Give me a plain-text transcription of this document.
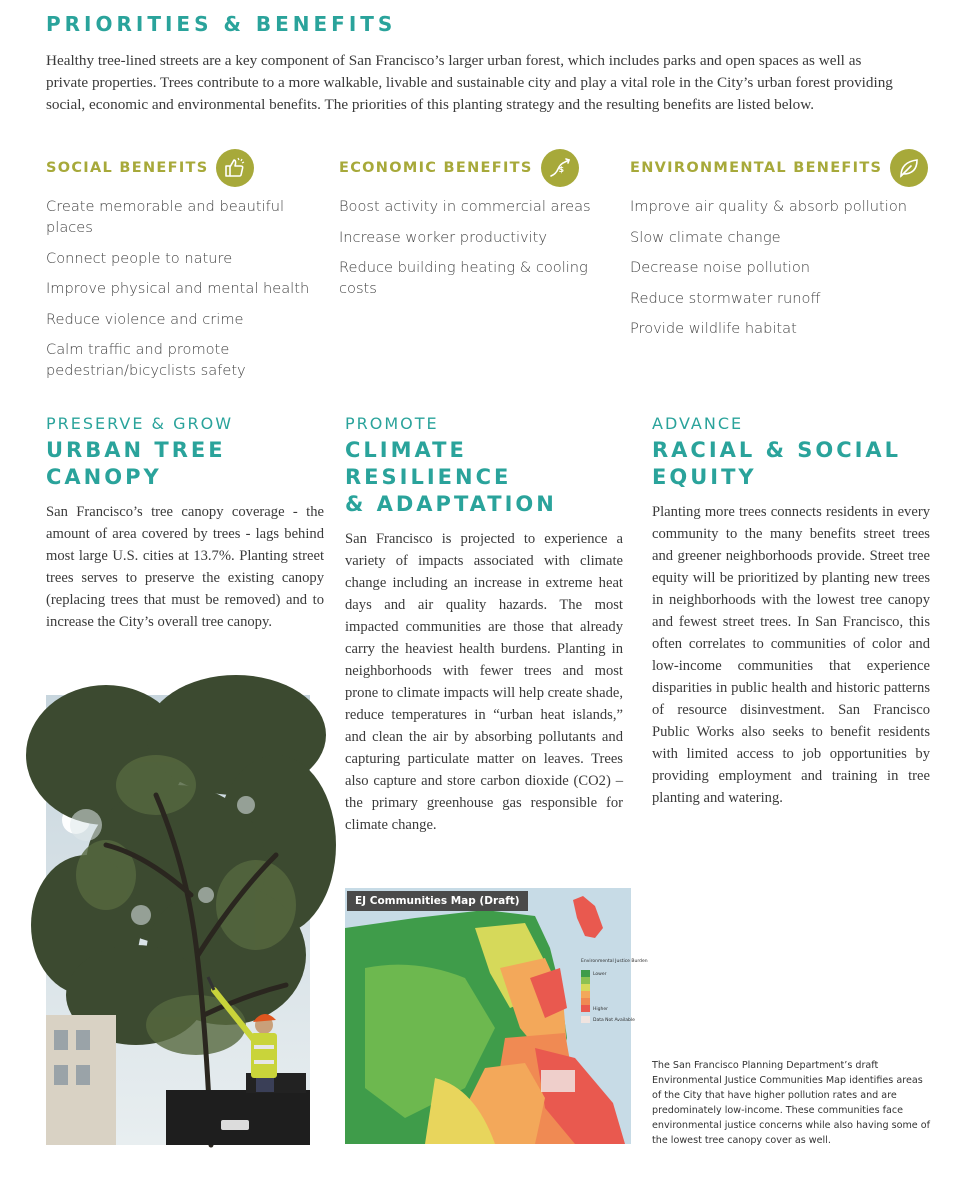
PRIORITIES & BENEFITS

Healthy tree-lined streets are a key component of San Francisco’s larger urban forest, which includes parks and open spaces as well as private properties. Trees contribute to a more walkable, livable and sustainable city and play a vital role in the City’s urban forest providing social, economic and environmental benefits. The priorities of this planting strategy and the resulting benefits are listed below.

SOCIAL BENEFITS
Create memorable and beautiful places
Connect people to nature
Improve physical and mental health
Reduce violence and crime
Calm traffic and promote pedestrian/bicyclists safety
ECONOMIC BENEFITS	$
Boost activity in commercial areas
Increase worker productivity
Reduce building heating & cooling costs
ENVIRONMENTAL BENEFITS
Improve air quality & absorb pollution
Slow climate change
Decrease noise pollution
Reduce stormwater runoff
Provide wildlife habitat
PRESERVE & GROW
URBAN TREE
CANOPY

San Francisco’s tree canopy coverage - the amount of area covered by trees - lags behind most large U.S. cities at 13.7%. Planting street trees serves to preserve the existing canopy (replacing trees that must be removed) and to increase the City’s overall tree canopy.

PROMOTE
CLIMATE RESILIENCE
& ADAPTATION

San Francisco is projected to experience a variety of impacts associated with climate change including an increase in extreme heat days and air quality hazards. The most impacted communities are those that already carry the heaviest health burdens. Planting in neighborhoods with fewer trees and most prone to climate impacts will help create shade, reduce temperatures in “urban heat islands,” and clean the air by absorbing pollutants and capturing particulate matter on leaves. Trees also capture and store carbon dioxide (CO2) – the primary greenhouse gas responsible for climate change.

ADVANCE
RACIAL & SOCIAL
EQUITY

Planting more trees connects residents in every community to the many benefits street trees and greener neighborhoods provide. Street tree equity will be prioritized by planting new trees in neighborhoods with the lowest tree canopy and fewest street trees. In San Francisco, this often correlates to communities of color and low-income communities that experience disparities in public health and historic patterns of resource disinvestment. San Francisco Public Works also seeks to benefit residents with limited access to job opportunities by providing employment and training in tree planting and watering.

Environmental Justice Burden
Lower
Higher
Data Not Available
EJ Communities Map (Draft)

The San Francisco Planning Department’s draft Environmental Justice Communities Map identifies areas of the City that have higher pollution rates and are predominately low-income. These communities face environmental justice concerns while also having some of the lowest tree canopy cover as well.
